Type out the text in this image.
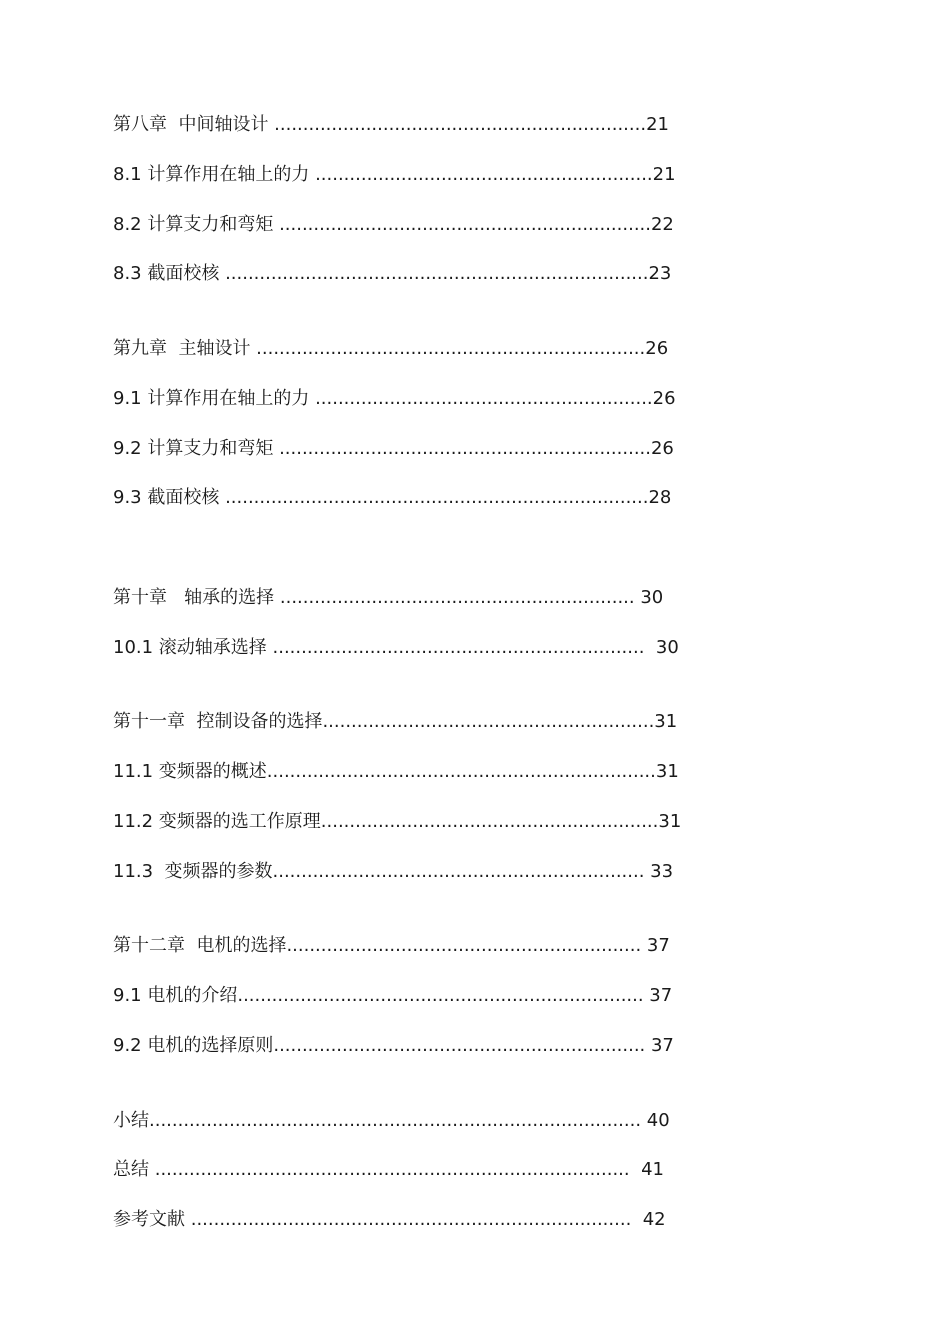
第八章  中间轴设计 .................................................................21
8.1 计算作用在轴上的力 ...........................................................21
8.2 计算支力和弯矩 .................................................................22
8.3 截面校核 ..........................................................................23
第九章  主轴设计 ....................................................................26
9.1 计算作用在轴上的力 ...........................................................26
9.2 计算支力和弯矩 .................................................................26
9.3 截面校核 ..........................................................................28
第十章   轴承的选择 .............................................................. 30
10.1 滚动轴承选择 .................................................................  30
第十一章  控制设备的选择..........................................................31
11.1 变频器的概述....................................................................31
11.2 变频器的选工作原理...........................................................31
11.3  变频器的参数................................................................. 33
第十二章  电机的选择.............................................................. 37
9.1 电机的介绍....................................................................... 37
9.2 电机的选择原则................................................................. 37
小结...................................................................................... 40
总结 ...................................................................................  41
参考文献 .............................................................................  42
